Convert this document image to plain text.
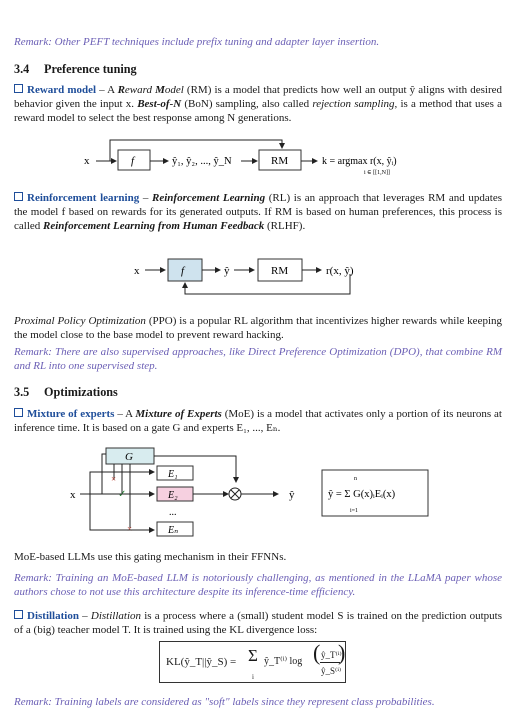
Remark: Other PEFT techniques include prefix tuning and adapter layer insertion.
3.4 Preference tuning
Reward model – A Reward Model (RM) is a model that predicts how well an output ŷ aligns with desired behavior given the input x. Best-of-N (BoN) sampling, also called rejection sampling, is a method that uses a reward model to select the best response among N generations.
x	f	ŷ₁, ŷ₂, ..., ŷ_N	RM	k = argmax r(x, ŷᵢ)
i ∈ [[1,N]]
Reinforcement learning – Reinforcement Learning (RL) is an approach that leverages RM and updates the model f based on rewards for its generated outputs. If RM is based on human preferences, this process is called Reinforcement Learning from Human Feedback (RLHF).
x	f	ŷ	RM	r(x, ŷ)
Proximal Policy Optimization (PPO) is a popular RL algorithm that incentivizes higher rewards while keeping the model close to the base model to prevent reward hacking.
Remark: There are also supervised approaches, like Direct Preference Optimization (DPO), that combine RM and RL into one supervised step.
3.5 Optimizations
Mixture of experts – A Mixture of Experts (MoE) is a model that activates only a portion of its neurons at inference time. It is based on a gate G and experts E₁, ..., Eₙ.
G
×
✓
×
x
E₁
E₂
...
Eₙ
ŷ
n
ŷ = Σ G(x)ᵢEᵢ(x)
i=1
MoE-based LLMs use this gating mechanism in their FFNNs.
Remark: Training an MoE-based LLM is notoriously challenging, as mentioned in the LLaMA paper whose authors chose to not use this architecture despite its inference-time efficiency.
Distillation – Distillation is a process where a (small) student model S is trained on the prediction outputs of a (big) teacher model T. It is trained using the KL divergence loss:
KL(ŷ_T||ŷ_S) = Σ
i
ŷ_T⁽ⁱ⁾ log ( ŷ_T⁽ⁱ⁾
ŷ_S⁽ⁱ⁾
)
Remark: Training labels are considered as "soft" labels since they represent class probabilities.
